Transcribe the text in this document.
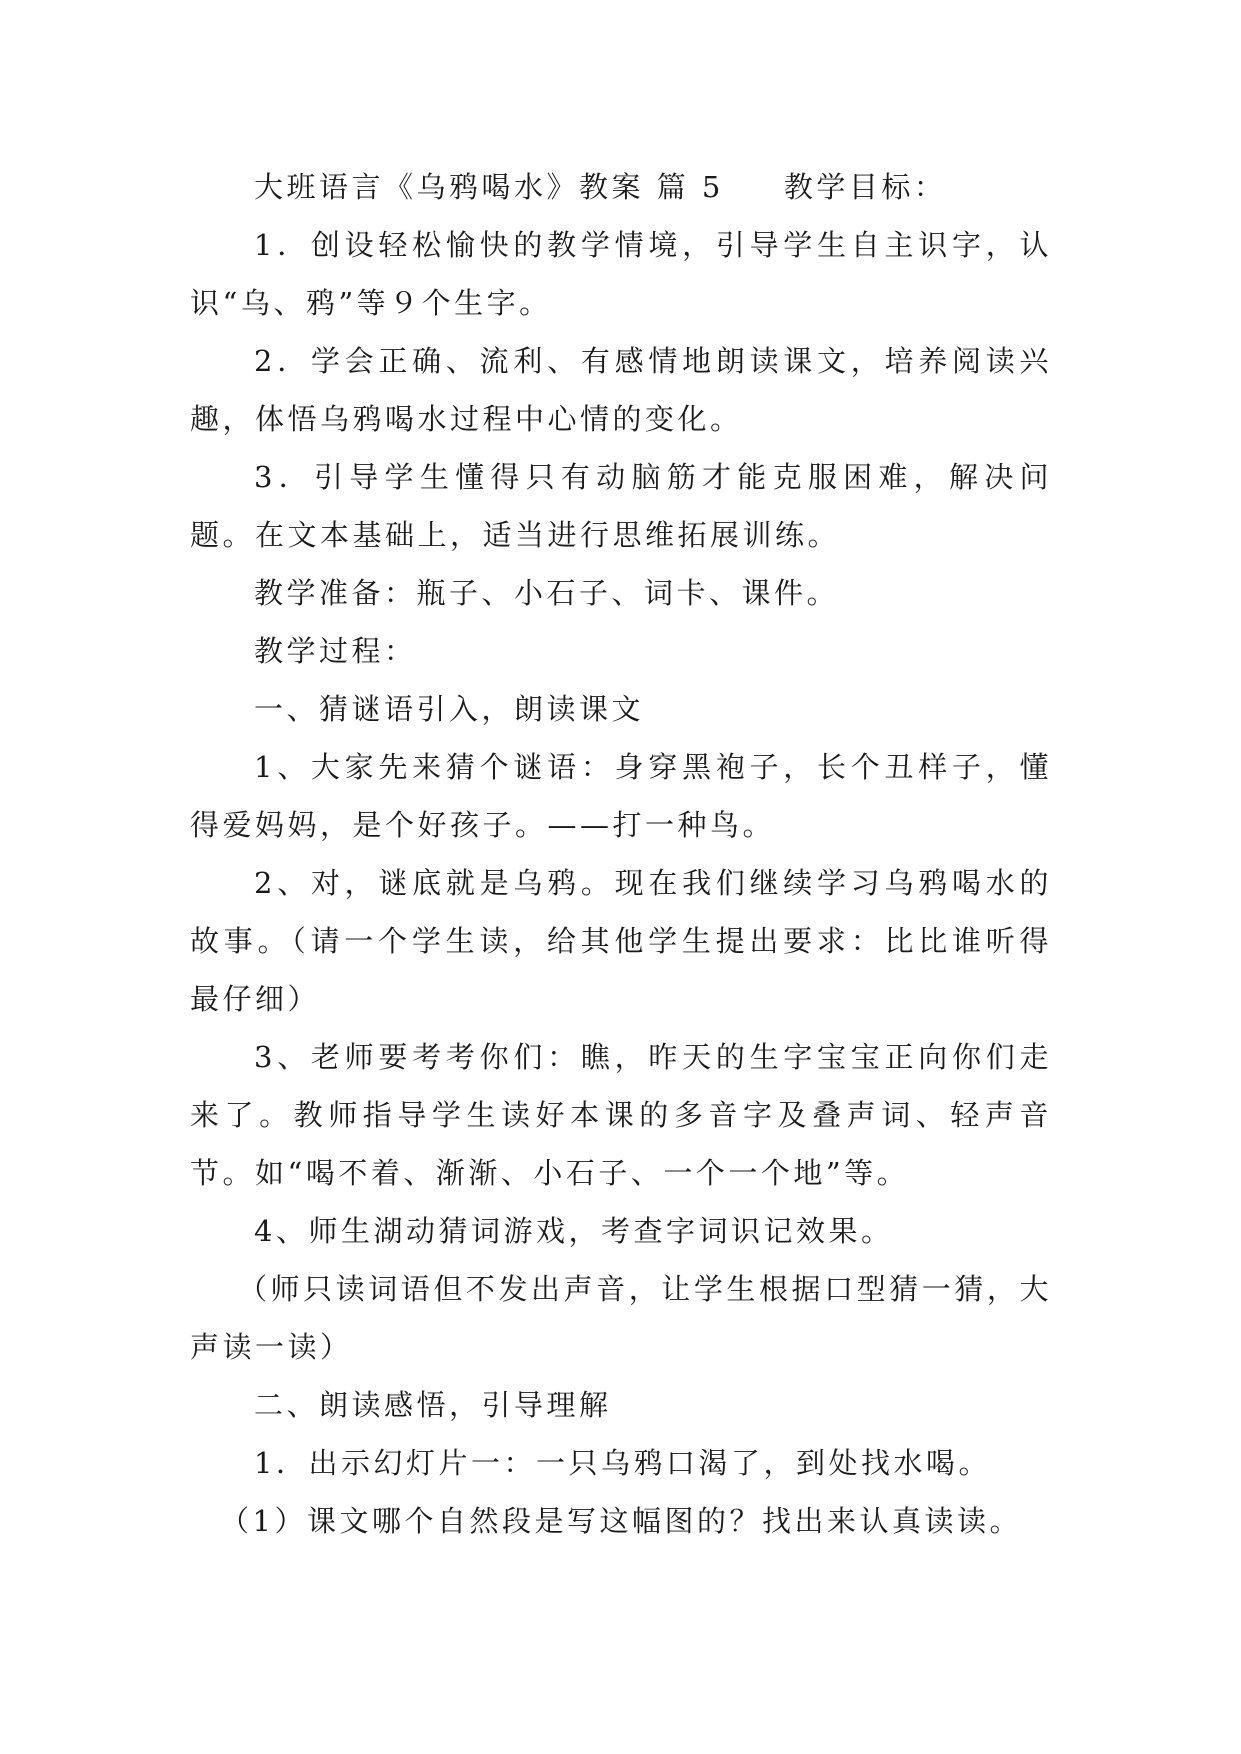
大班语言《乌鸦喝水》教案 篇 5 教学目标：

1．创设轻松愉快的教学情境，引导学生自主识字，认识“乌、鸦”等９个生字。

2．学会正确、流利、有感情地朗读课文，培养阅读兴趣，体悟乌鸦喝水过程中心情的变化。

3．引导学生懂得只有动脑筋才能克服困难，解决问题。在文本基础上，适当进行思维拓展训练。

教学准备：瓶子、小石子、词卡、课件。

教学过程：

一、猜谜语引入，朗读课文

1、大家先来猜个谜语：身穿黑袍子，长个丑样子，懂得爱妈妈，是个好孩子。——打一种鸟。

2、对，谜底就是乌鸦。现在我们继续学习乌鸦喝水的故事。（请一个学生读，给其他学生提出要求：比比谁听得最仔细）

3、老师要考考你们：瞧，昨天的生字宝宝正向你们走来了。教师指导学生读好本课的多音字及叠声词、轻声音节。如“喝不着、渐渐、小石子、一个一个地”等。

4、师生湖动猜词游戏，考查字词识记效果。

（师只读词语但不发出声音，让学生根据口型猜一猜，大声读一读）

二、朗读感悟，引导理解

1．出示幻灯片一：一只乌鸦口渴了，到处找水喝。

（1）课文哪个自然段是写这幅图的？找出来认真读读。
